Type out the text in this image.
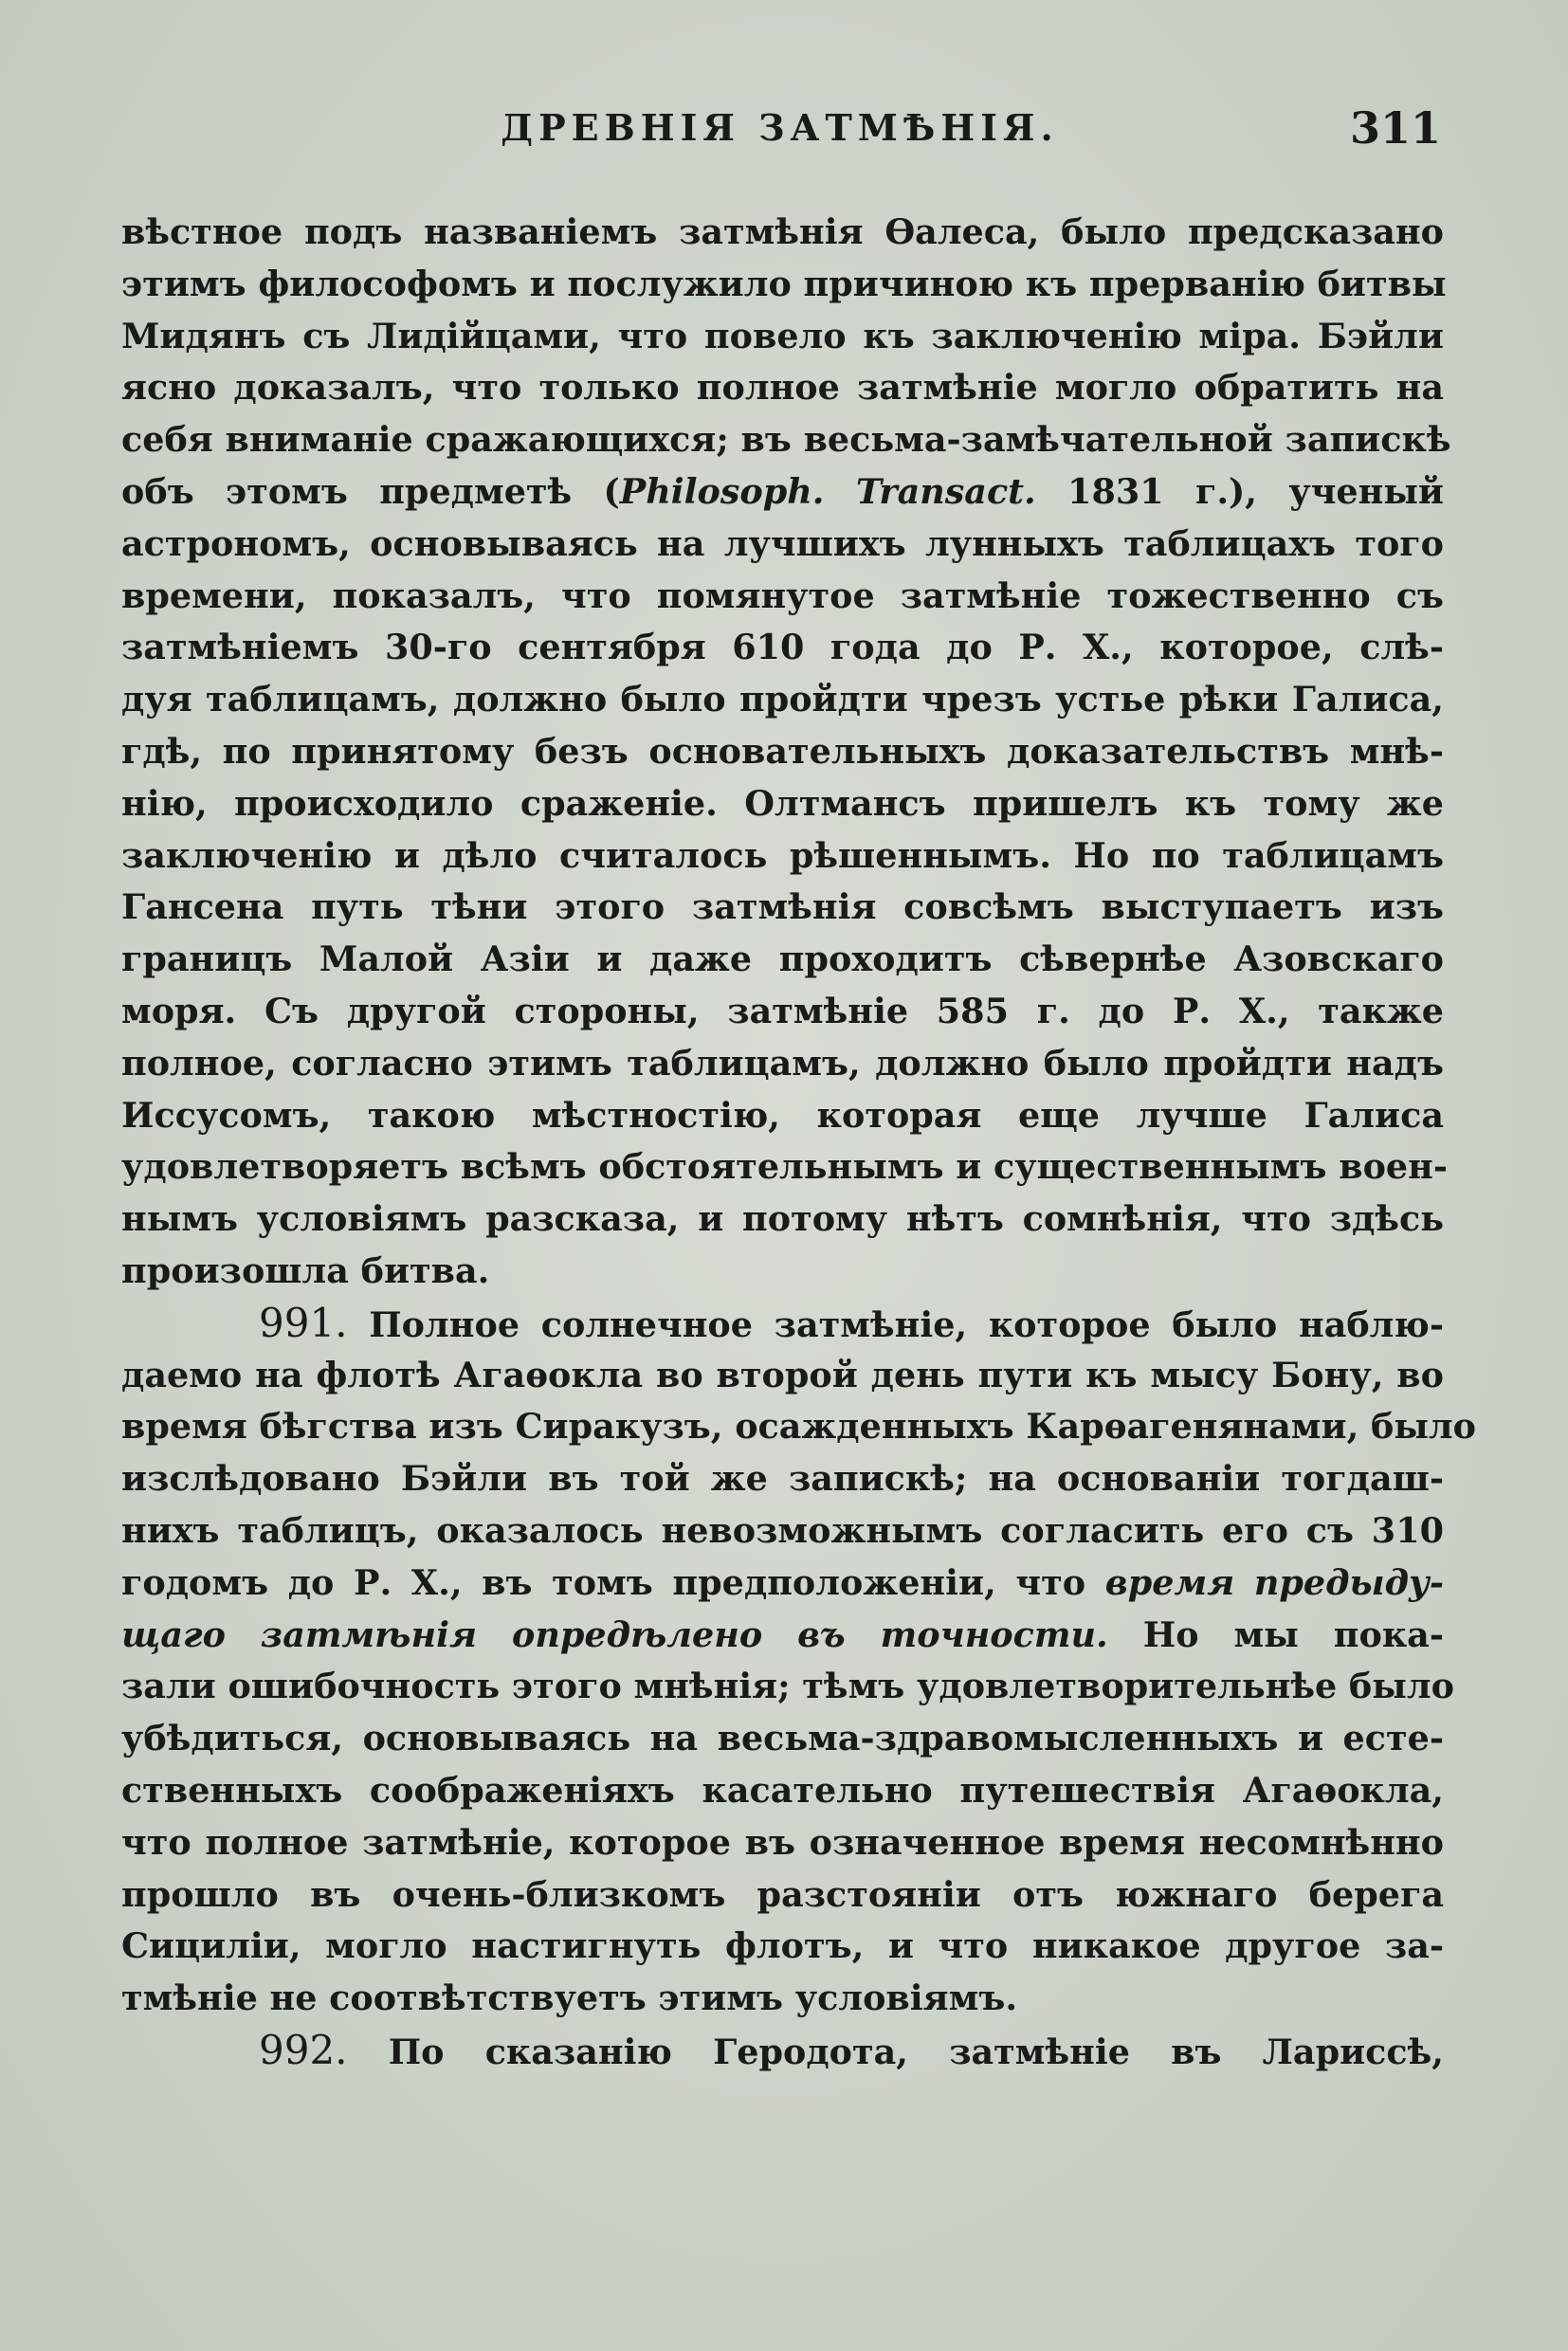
ДРЕВНІЯ ЗАТМѢНІЯ.	311
вѣстное подъ названіемъ затмѣнія Ѳалеса, было предсказано
этимъ философомъ и послужило причиною къ прерванію битвы
Мидянъ съ Лидійцами, что повело къ заключенію міра. Бэйли
ясно доказалъ, что только полное затмѣніе могло обратить на
себя вниманіе сражающихся; въ весьма-замѣчательной запискѣ
объ этомъ предметѣ (Philosoph. Transact. 1831 г.), ученый
астрономъ, основываясь на лучшихъ лунныхъ таблицахъ того
времени, показалъ, что помянутое затмѣніе тожественно съ
затмѣніемъ 30-го сентября 610 года до Р. Х., которое, слѣ-
дуя таблицамъ, должно было пройдти чрезъ устье рѣки Галиса,
гдѣ, по принятому безъ основательныхъ доказательствъ мнѣ-
нію, происходило сраженіе. Олтмансъ пришелъ къ тому же
заключенію и дѣло считалось рѣшеннымъ. Но по таблицамъ
Гансена путь тѣни этого затмѣнія совсѣмъ выступаетъ изъ
границъ Малой Азіи и даже проходитъ сѣвернѣе Азовскаго
моря. Съ другой стороны, затмѣніе 585 г. до Р. Х., также
полное, согласно этимъ таблицамъ, должно было пройдти надъ
Иссусомъ, такою мѣстностію, которая еще лучше Галиса
удовлетворяетъ всѣмъ обстоятельнымъ и существеннымъ воен-
нымъ условіямъ разсказа, и потому нѣтъ сомнѣнія, что здѣсь
произошла битва.
991. Полное солнечное затмѣніе, которое было наблю-
даемо на флотѣ Агаѳокла во второй день пути къ мысу Бону, во
время бѣгства изъ Сиракузъ, осажденныхъ Карѳагенянами, было
изслѣдовано Бэйли въ той же запискѣ; на основаніи тогдаш-
нихъ таблицъ, оказалось невозможнымъ согласить его съ 310
годомъ до Р. Х., въ томъ предположеніи, что время предыду-
щаго затмѣнія опредѣлено въ точности. Но мы пока-
зали ошибочность этого мнѣнія; тѣмъ удовлетворительнѣе было
убѣдиться, основываясь на весьма-здравомысленныхъ и есте-
ственныхъ соображеніяхъ касательно путешествія Агаѳокла,
что полное затмѣніе, которое въ означенное время несомнѣнно
прошло въ очень-близкомъ разстояніи отъ южнаго берега
Сициліи, могло настигнуть флотъ, и что никакое другое за-
тмѣніе не соотвѣтствуетъ этимъ условіямъ.
992. По сказанію Геродота, затмѣніе въ Ларисcѣ,
